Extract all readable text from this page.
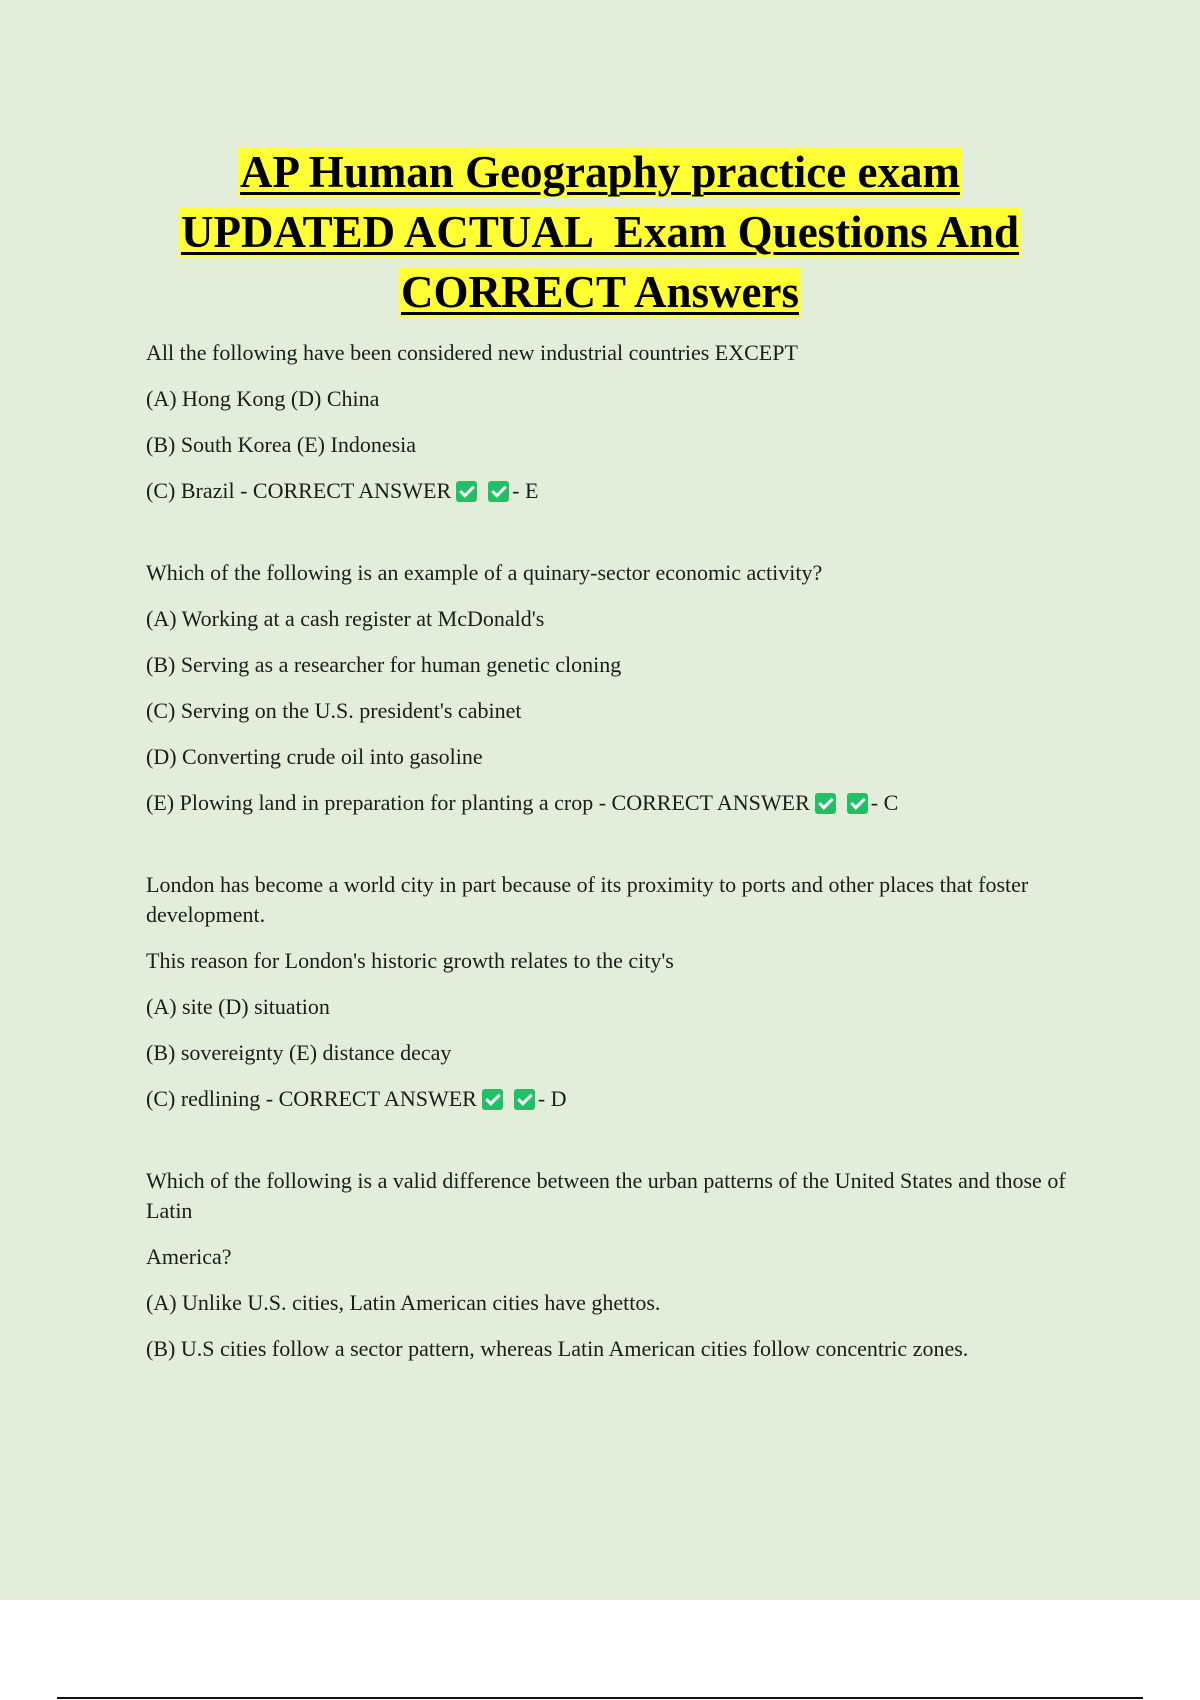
AP Human Geography practice exam
UPDATED ACTUAL  Exam Questions And
CORRECT Answers
All the following have been considered new industrial countries EXCEPT
(A) Hong Kong (D) China
(B) South Korea (E) Indonesia
(C) Brazil - CORRECT ANSWER	- E
Which of the following is an example of a quinary-sector economic activity?
(A) Working at a cash register at McDonald's
(B) Serving as a researcher for human genetic cloning
(C) Serving on the U.S. president's cabinet
(D) Converting crude oil into gasoline
(E) Plowing land in preparation for planting a crop - CORRECT ANSWER	- C
London has become a world city in part because of its proximity to ports and other places that foster development.
This reason for London's historic growth relates to the city's
(A) site (D) situation
(B) sovereignty (E) distance decay
(C) redlining - CORRECT ANSWER	- D
Which of the following is a valid difference between the urban patterns of the United States and those of Latin
America?
(A) Unlike U.S. cities, Latin American cities have ghettos.
(B) U.S cities follow a sector pattern, whereas Latin American cities follow concentric zones.
